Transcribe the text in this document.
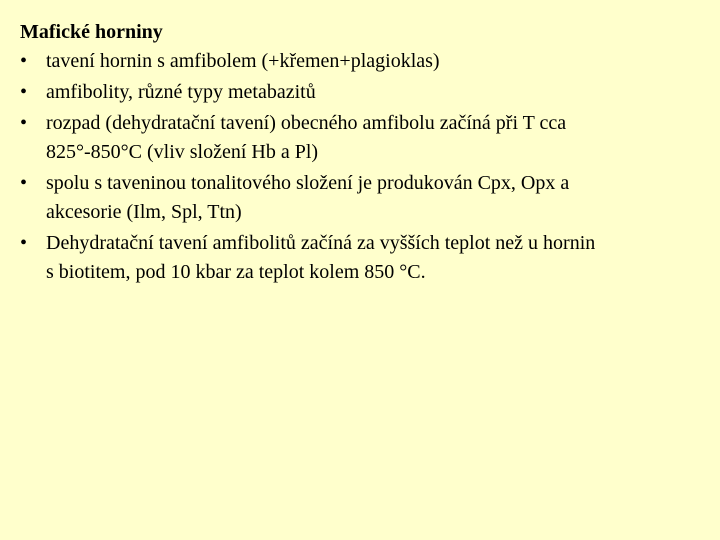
Mafické horniny
• tavení hornin s amfibolem (+křemen+plagioklas)
• amfibolity, různé typy metabazitů
• rozpad (dehydratační tavení) obecného amfibolu začíná při T cca
825°-850°C (vliv složení Hb a Pl)
• spolu s taveninou tonalitového složení je produkován Cpx, Opx a
akcesorie (Ilm, Spl, Ttn)
• Dehydratační tavení amfibolitů začíná za vyšších teplot než u hornin
s biotitem, pod 10 kbar za teplot kolem 850 °C.
